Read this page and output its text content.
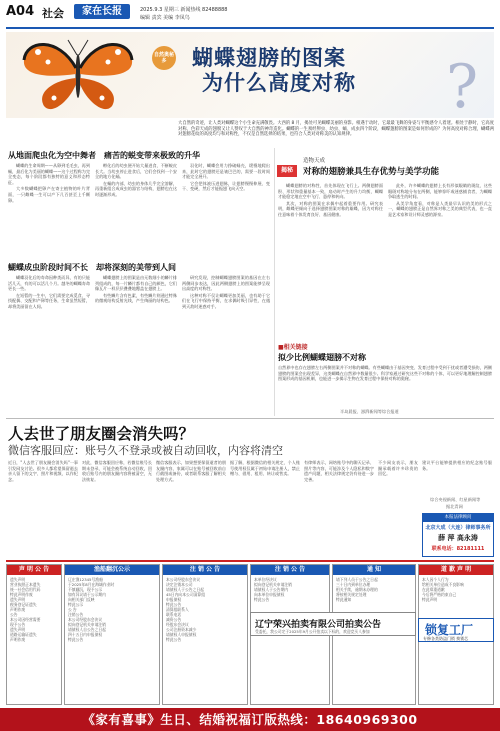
A04 社会	家在长报	2025.9.3 星期三 新闻热线 82488888
编辑 责宾 美编 李凤鸟
自然奥秘多	蝴蝶翅膀的图案
为什么高度对称 ?
大自然的奇迹，让人类对蝴蝶这个小生命充满敬畏。大西的 8 月，揭处可见蝴蝶美丽的身影。相遇于动时，它最最飞舞的身姿与平衡感令人着迷。相处于静时，它高度对称，色彩天成的翅膀又让人赞叹于大自然的神奇造化。蝴蝶的一生须经卵虫、幼虫、蛹、成虫四个阶段，蝴蝶翅膀的图案是如何形成的？为何高度对称合理，蝴蝶两对翅膀花纹的高度均与和对称性，不仅是自然选择的结果，也符合人类对对称美的认知规律。
从地面爬虫化为空中舞者　痛苦的蜕变带来极致的升华

蝴蝶的生命周期——从卵到毛毛虫，再到蛹，最后化为美丽的蝴蝶——这个过程称为完全变态，每个阶段都有独特的意义和形态特征。

大多数蝴蝶把卵产在寄主植物的叶片背面，一只雌蝶一生可以产下几百甚至上千颗卵。

孵化后的幼虫便开始大量进食，不断蜕皮长大。当幼虫停止进食后，它们会找到一个安全的地方化蛹。

在蛹的内部，幼虫的身体几乎完全溶解，再重新组合成成虫的器官与结构，翅膀也在这时逐渐形成。

羽化时，蝴蝶会用力挣破蛹壳，缓慢地爬出来，此时它的翅膀还是皱巴巴的，需要一段时间才能完全展开。

它会把体液压进翅脉，让翅膀慢慢伸展、变干、变硬，然后才能振翅飞向天空。

蝴蝶成虫阶段时间不长　却将深刻的美带到人间

蝴蝶羽化后的寿命因种类而异，有的只能活几天，有的可以活几个月。越冬的蝴蝶寿命更长一些。

在短暂的一生中，它们需要完成觅食、寻找配偶、交配和产卵等任务，生命虽然短暂，却将美丽留在人间。

蝴蝶翅膀上的图案是由无数细小的鳞片排列组成的，每一片鳞片都有自己的颜色，它们像瓦片一样层层叠叠地覆盖在翅膀上。

有些鳞片含有色素，有些鳞片则通过特殊的微观结构反射光线，产生绚丽的结构色。

研究发现，控制蝴蝶翅膀图案的基因在左右两侧同步表达，因此两侧翅膀上的图案能够呈现出高度的对称性。

这种对称不仅让蝴蝶更加美丽，也有助于它们在飞行中保持平衡，在求偶时吸引异性，在遇到天敌时迷惑对手。

揭秘
造物天成
对称的翅膀兼具生存优势与美学功能

蝴蝶翅膀的对称性，首先体现在飞行上。两侧翅膀面积、形状和重量基本一致，扇动时产生的升力均衡，蝴蝶才能稳定地在空中飞行、悬停和转向。

其次，对称的图案在求偶中起着重要作用。研究表明，雌蝶更倾向于选择翅膀图案对称的雄蝶，因为对称往往意味着个体发育良好、基因健康。

此外，许多蝴蝶的翅膀上长有形似眼睛的斑纹，这些眼斑对称地分布在两侧，能够惊吓或迷惑捕食者，为蝴蝶争取逃生的时间。

从美学角度看，对称是人类最早认识的美的形式之一，蝴蝶的翅膀正是自然界对称之美的典型代表，也一直是艺术家和设计师灵感的源泉。

■相关链接
拟少比例蝴蝶翅膀不对称
自然界中也存在翅膀左右两侧图案并不对称的蝴蝶。有些蝴蝶由于基因突变、发育过程中受到干扰或者遭受损伤，两侧翅膀的图案会出现差异，这类蝴蝶在自然界中数量很少。科学家通过研究这些不对称的个体，可以更好地理解控制翅膀图案形成的基因机制，也能进一步揭示生物在发育过程中保持对称的奥秘。
半岛晨报、澎湃新闻等综合报道
人去世了朋友圈会消失吗？
微信客服回应：账号久不登录或被自动回收，内容将清空
近日，"人去世了朋友圈会消失吗"一事引发网友讨论。很多人都希望保留逝去亲人留下的文字、照片和视频，以作纪念。
对此，微信客服回应称，若微信账号长期未登录，可能会被系统自动回收，回收后账号内的朋友圈内容将被清空，无法恢复。
微信客服表示，如果想要保留逝者的朋友圈内容，家属可以在账号被回收前自行截图或备份，或者联系客服了解相关处理方式。
据了解，根据微信的相关规定，个人账号使用权仅属于初始申请注册人，禁止赠与、借用、租用、转让或售卖。
有律师表示，网络账号中的聊天记录、照片等内容，可能涉及个人隐私和数字遗产问题，相关法律规定仍有待进一步完善。
不少网友表示，朋友圈承载着许多珍贵的回忆。
建议平台能够提供相应的纪念账号服务。
综合央视新闻、红星新闻等
据北青网
本报法律顾问
北京大成（大连）律师事务所
薛 萍 高永涛
联系电话：82181111
声 明 公 告
遗失声明
营业执照正本遗失
统一社会信用代码
特此声明作废
遗失声明
税务登记证遗失
声明作废
公告
本公司因经营需要
现予公告
遗失声明
道路运输证遗失
声明作废
渔船翻沉公示
辽庄渔12345号渔船
于2025年8月在海域作业时
不慎翻沉，现予公示
如有异议请于公示期内
向相关部门反映
特此公示
公 告
注销公告
本公司经股东会决议
拟向登记机关申请注销
请债权人自公告之日起
四十五日内申报债权
特此公告
注 销 公 告
本公司经股东会决议
决定注销本公司
请债权人于公告之日起
45日内向本公司清算组
申报债权
特此公告
清算组联系人
联系电话
减资公告
经股东会决议
公司注册资本减少
请债权人申报债权
特此公告
注 销 公 告
本单位经决议
拟向登记机关申请注销
请债权人于公告期内
向本单位申报债权
特此公告
通 知
请下列人员于公告之日起
三十日内到单位办理
相关手续，逾期未办理的
将按相关规定处理
特此通知
道 歉 声 明
本人因个人行为
给相关单位造成不良影响
在此郑重道歉
今后将严格约束自己
特此声明
辽宁荣兴拍卖有限公司拍卖公告
受委托，我公司定于2025年9月公开拍卖以下标的，欢迎竞买人参加	锁复工厂
专修各类防盗门锁 换锁芯
《家有喜事》生日、结婚祝福订版热线：18640969300
